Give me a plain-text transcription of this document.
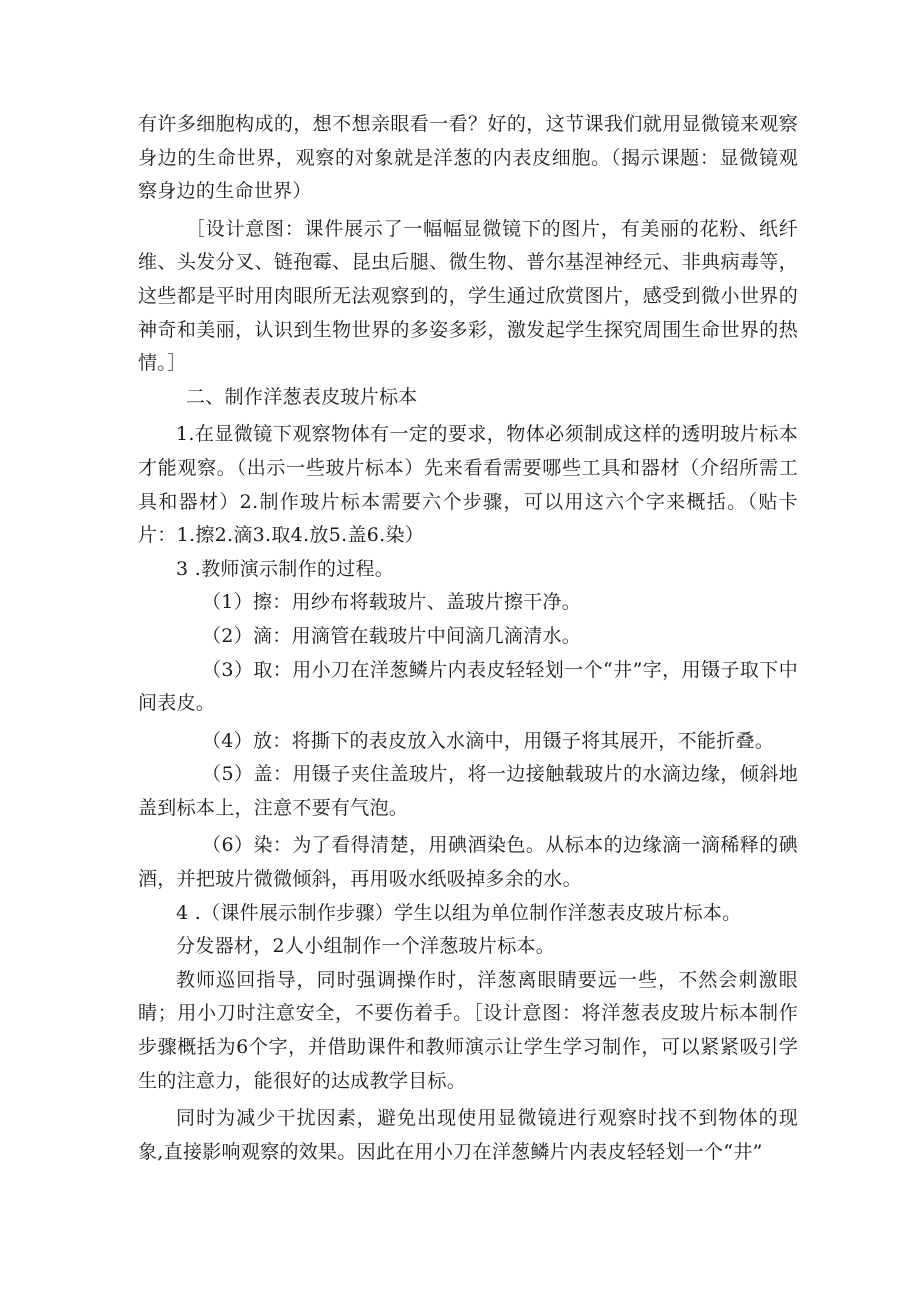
有许多细胞构成的，想不想亲眼看一看？好的，这节课我们就用显微镜来观察身边的生命世界，观察的对象就是洋葱的内表皮细胞。（揭示课题：显微镜观察身边的生命世界）

［设计意图：课件展示了一幅幅显微镜下的图片，有美丽的花粉、纸纤维、头发分叉、链孢霉、昆虫后腿、微生物、普尔基涅神经元、非典病毒等，这些都是平时用肉眼所无法观察到的，学生通过欣赏图片，感受到微小世界的神奇和美丽，认识到生物世界的多姿多彩，激发起学生探究周围生命世界的热情。］

二、制作洋葱表皮玻片标本

1.在显微镜下观察物体有一定的要求，物体必须制成这样的透明玻片标本才能观察。（出示一些玻片标本）先来看看需要哪些工具和器材（介绍所需工具和器材）2.制作玻片标本需要六个步骤，可以用这六个字来概括。（贴卡片：1.擦2.滴3.取4.放5.盖6.染）

3 .教师演示制作的过程。

（1）擦：用纱布将载玻片、盖玻片擦干净。

（2）滴：用滴管在载玻片中间滴几滴清水。

（3）取：用小刀在洋葱鳞片内表皮轻轻划一个“井”字，用镊子取下中间表皮。

（4）放：将撕下的表皮放入水滴中，用镊子将其展开，不能折叠。

（5）盖：用镊子夹住盖玻片，将一边接触载玻片的水滴边缘，倾斜地盖到标本上，注意不要有气泡。

（6）染：为了看得清楚，用碘酒染色。从标本的边缘滴一滴稀释的碘酒，并把玻片微微倾斜，再用吸水纸吸掉多余的水。

4 .（课件展示制作步骤）学生以组为单位制作洋葱表皮玻片标本。

分发器材，2人小组制作一个洋葱玻片标本。

教师巡回指导，同时强调操作时，洋葱离眼睛要远一些，不然会刺激眼睛；用小刀时注意安全，不要伤着手。［设计意图：将洋葱表皮玻片标本制作步骤概括为6个字，并借助课件和教师演示让学生学习制作，可以紧紧吸引学生的注意力，能很好的达成教学目标。

同时为减少干扰因素，避免出现使用显微镜进行观察时找不到物体的现象,直接影响观察的效果。因此在用小刀在洋葱鳞片内表皮轻轻划一个“井”
